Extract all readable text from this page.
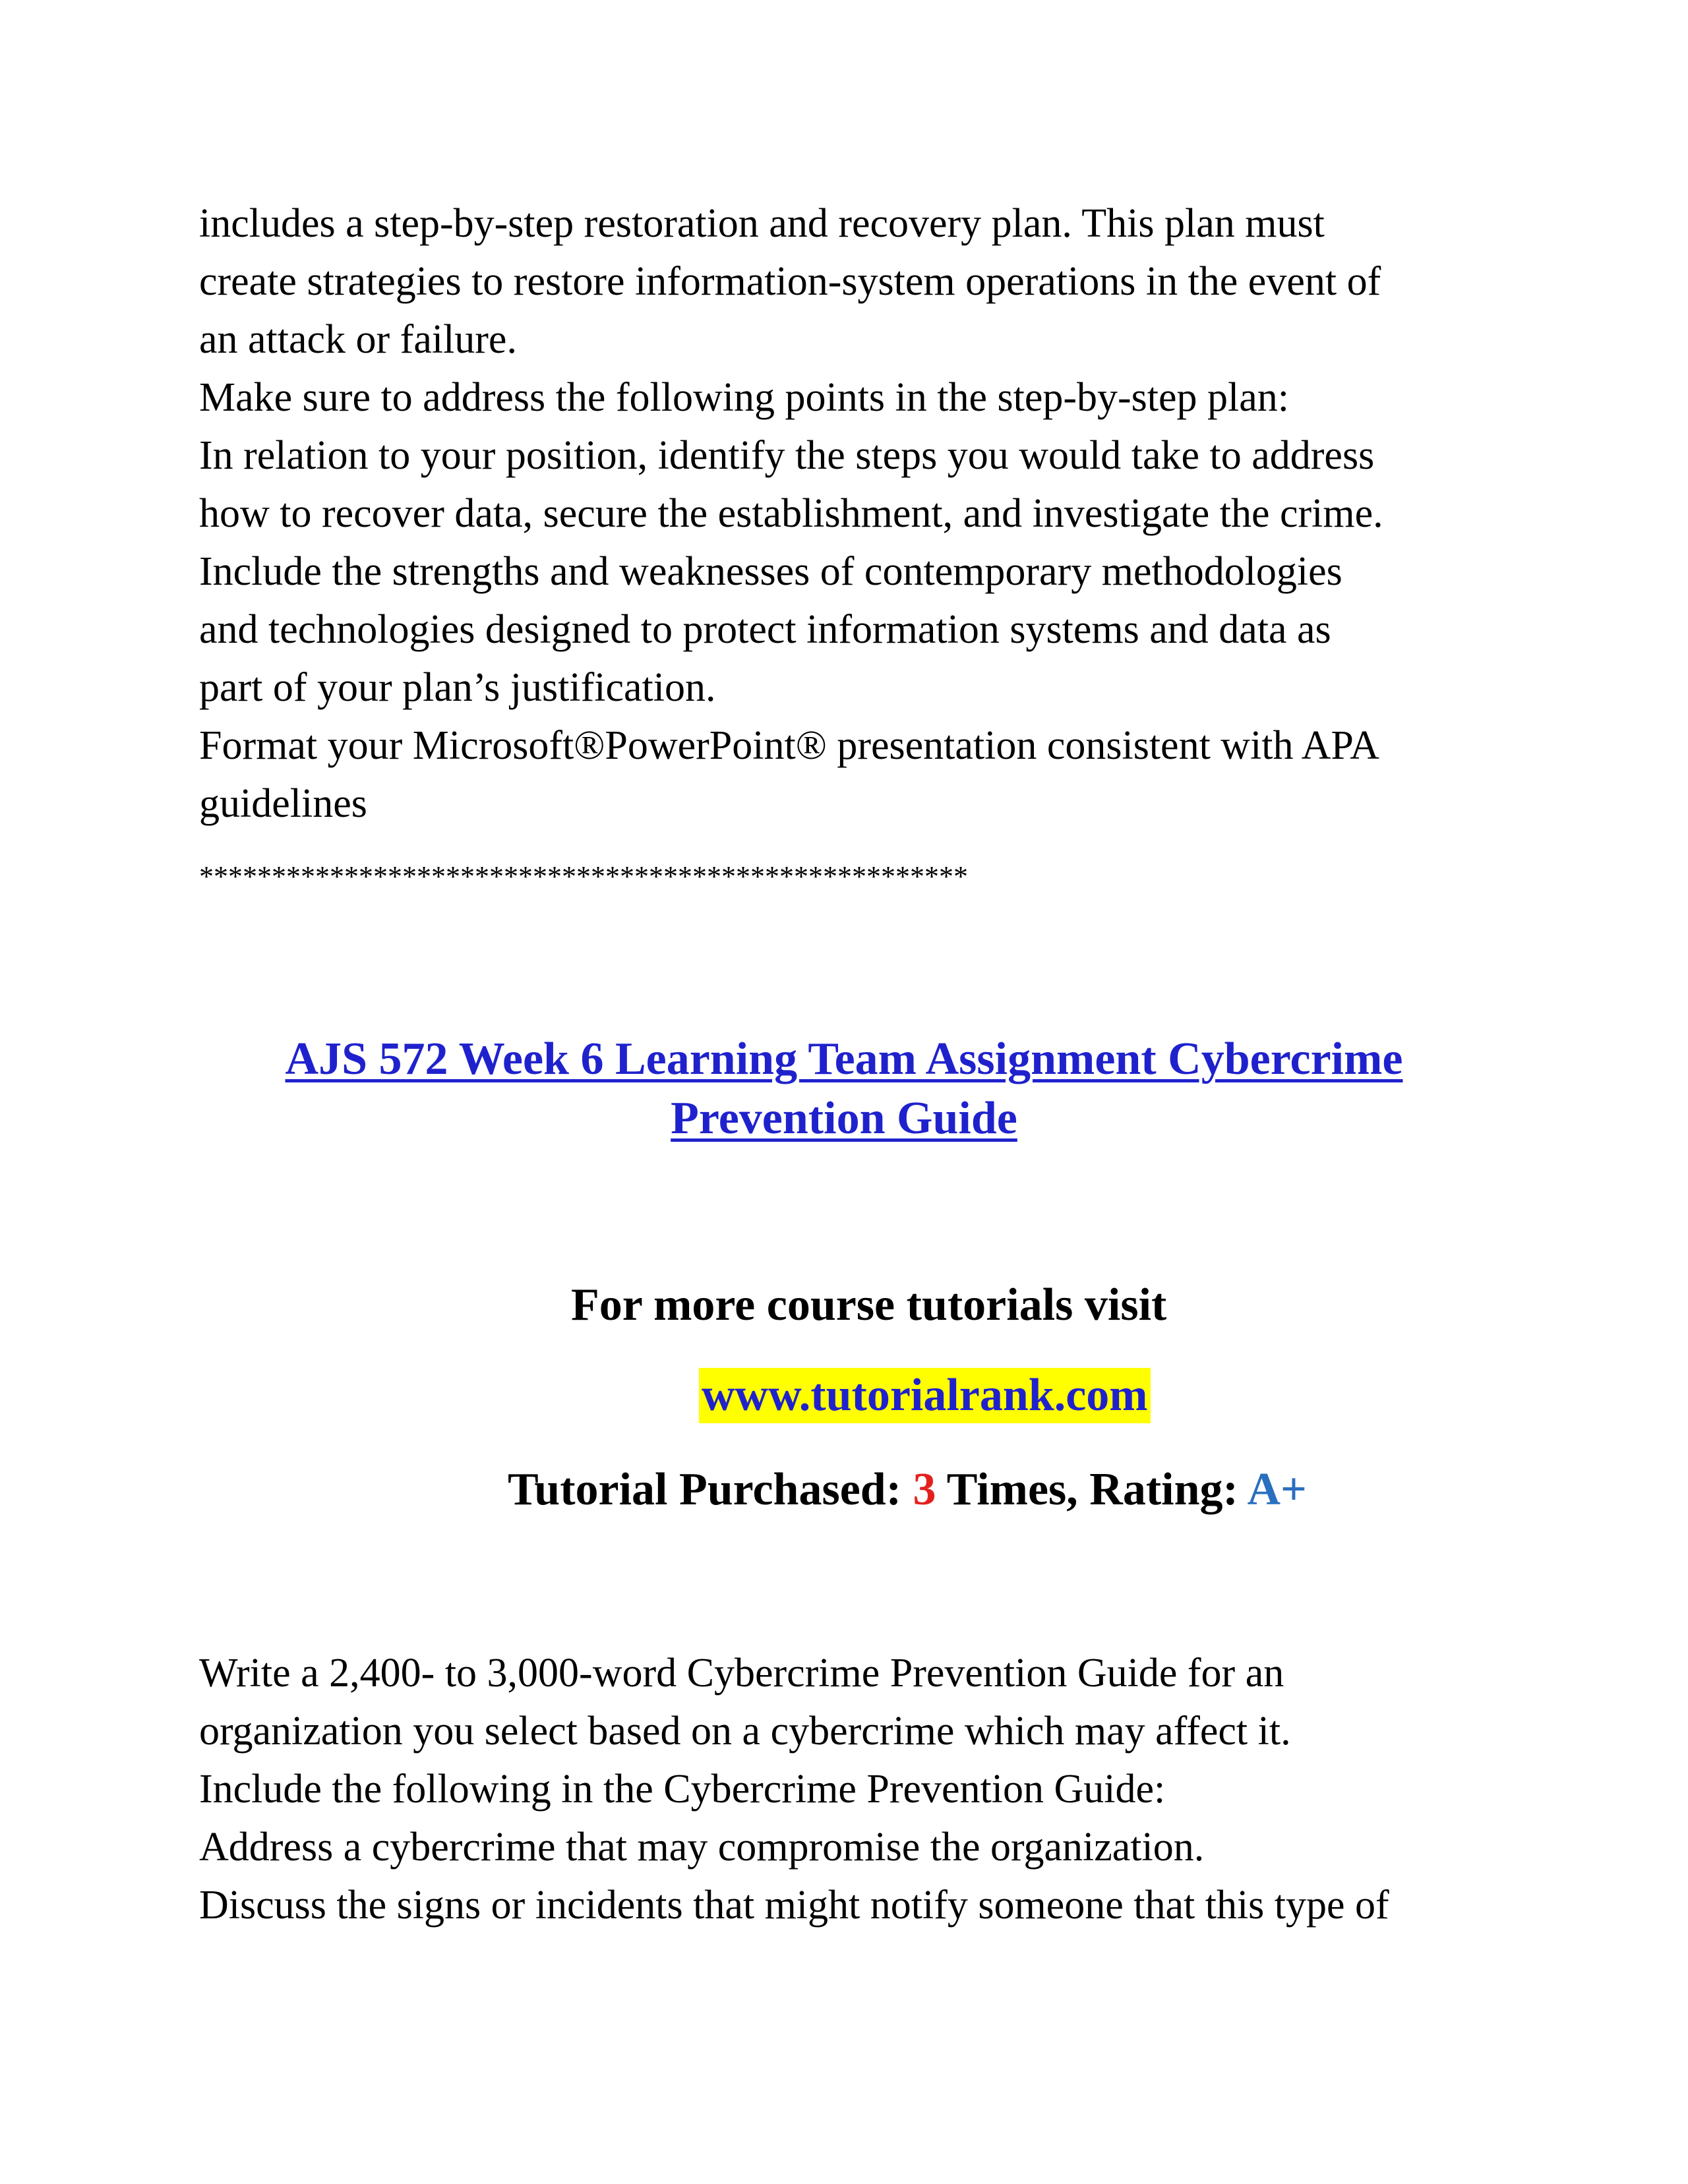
includes a step-by-step restoration and recovery plan. This plan must
create strategies to restore information-system operations in the event of
an attack or failure.
Make sure to address the following points in the step-by-step plan:
In relation to your position, identify the steps you would take to address
how to recover data, secure the establishment, and investigate the crime.
Include the strengths and weaknesses of contemporary methodologies
and technologies designed to protect information systems and data as
part of your plan’s justification.
Format your Microsoft®PowerPoint® presentation consistent with APA
guidelines
*****************************************************
AJS 572 Week 6 Learning Team Assignment Cybercrime
Prevention Guide
For more course tutorials visit
www.tutorialrank.com
Tutorial Purchased: 3 Times, Rating: A+
Write a 2,400- to 3,000-word Cybercrime Prevention Guide for an
organization you select based on a cybercrime which may affect it.
Include the following in the Cybercrime Prevention Guide:
Address a cybercrime that may compromise the organization.
Discuss the signs or incidents that might notify someone that this type of
